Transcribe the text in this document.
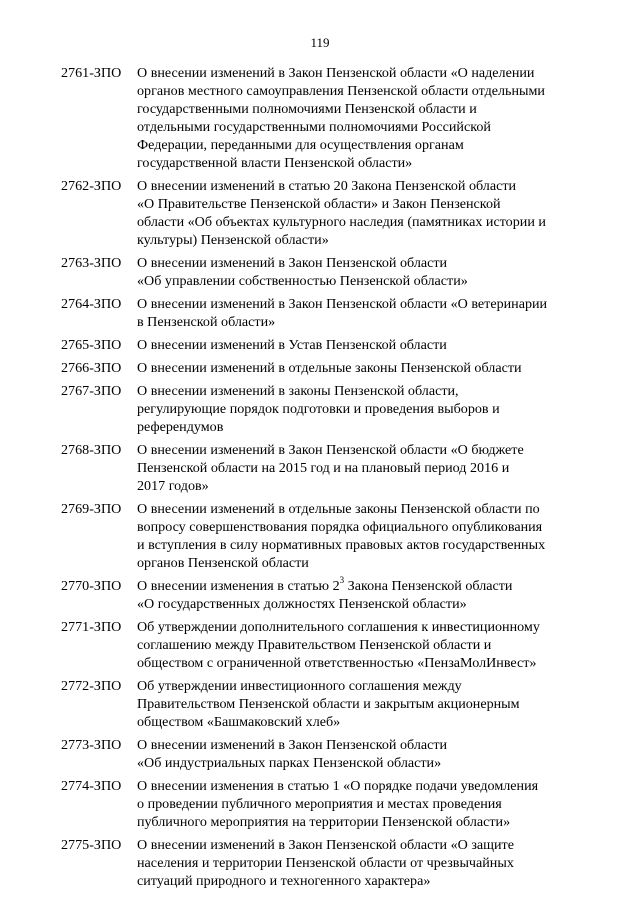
119
2761-ЗПО	О внесении изменений в Закон Пензенской области «О наделении
органов местного самоуправления Пензенской области отдельными
государственными полномочиями Пензенской области и
отдельными государственными полномочиями Российской
Федерации, переданными для осуществления органам
государственной власти Пензенской области»
2762-ЗПО	О внесении изменений в статью 20 Закона Пензенской области
«О Правительстве Пензенской области» и Закон Пензенской
области «Об объектах культурного наследия (памятниках истории и
культуры) Пензенской области»
2763-ЗПО	О внесении изменений в Закон Пензенской области
«Об управлении собственностью Пензенской области»
2764-ЗПО	О внесении изменений в Закон Пензенской области «О ветеринарии
в Пензенской области»
2765-ЗПО	О внесении изменений в Устав Пензенской области
2766-ЗПО	О внесении изменений в отдельные законы Пензенской области
2767-ЗПО	О внесении изменений в законы Пензенской области,
регулирующие порядок подготовки и проведения выборов и
референдумов
2768-ЗПО	О внесении изменений в Закон Пензенской области «О бюджете
Пензенской области на 2015 год и на плановый период 2016 и
2017 годов»
2769-ЗПО	О внесении изменений в отдельные законы Пензенской области по
вопросу совершенствования порядка официального опубликования
и вступления в силу нормативных правовых актов государственных
органов Пензенской области
2770-ЗПО	О внесении изменения в статью $2^3$ Закона Пензенской области
«О государственных должностях Пензенской области»
2771-ЗПО	Об утверждении дополнительного соглашения к инвестиционному
соглашению между Правительством Пензенской области и
обществом с ограниченной ответственностью «ПензаМолИнвест»
2772-ЗПО	Об утверждении инвестиционного соглашения между
Правительством Пензенской области и закрытым акционерным
обществом «Башмаковский хлеб»
2773-ЗПО	О внесении изменений в Закон Пензенской области
«Об индустриальных парках Пензенской области»
2774-ЗПО	О внесении изменения в статью 1 «О порядке подачи уведомления
о проведении публичного мероприятия и местах проведения
публичного мероприятия на территории Пензенской области»
2775-ЗПО	О внесении изменений в Закон Пензенской области «О защите
населения и территории Пензенской области от чрезвычайных
ситуаций природного и техногенного характера»
